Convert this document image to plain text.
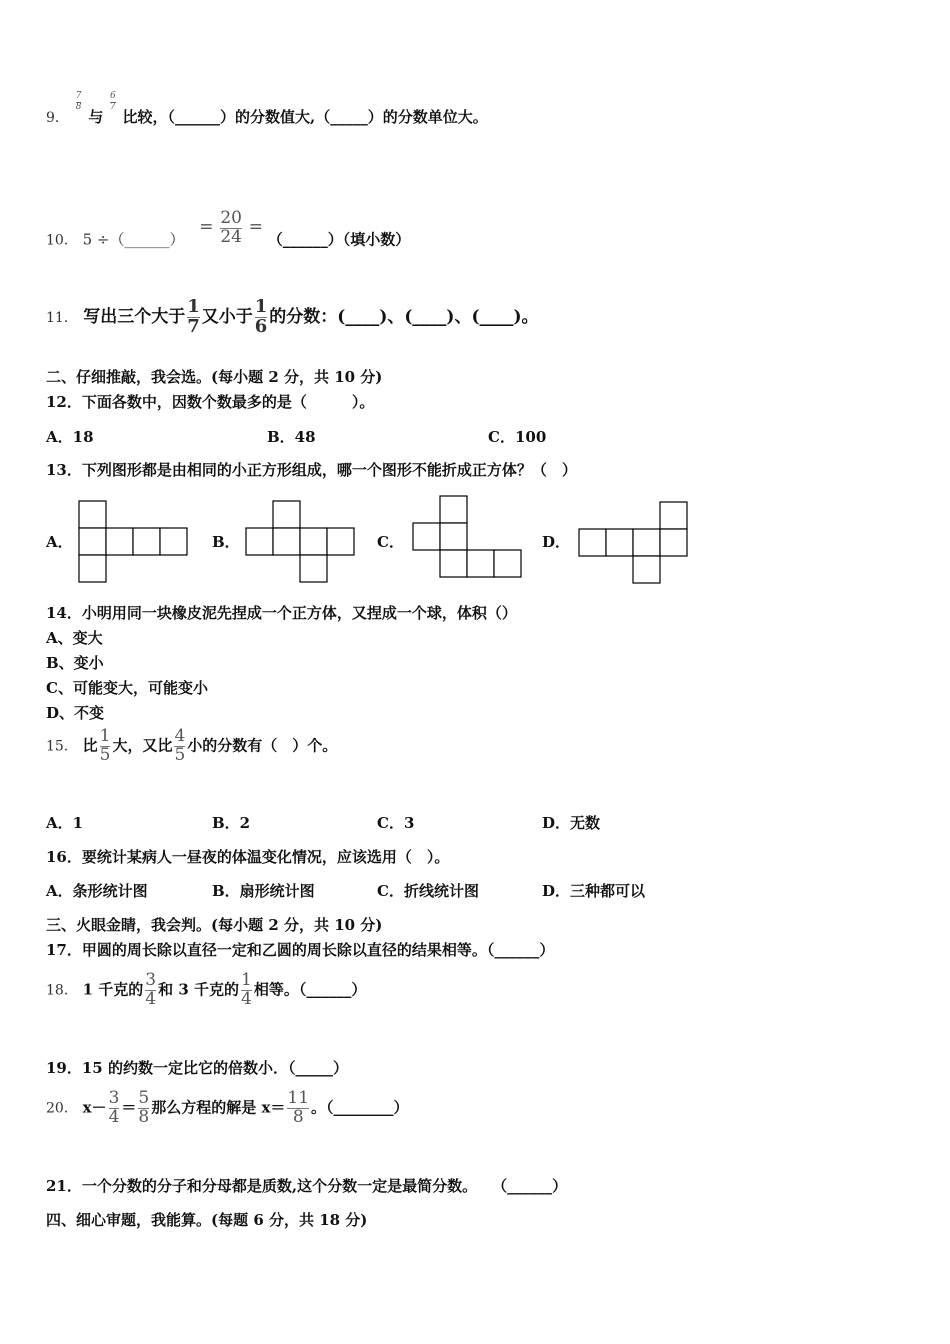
9．
$\frac{7}{8}$
与
$\frac{6}{7}$
比较，（______）的分数值大,（_____）的分数单位大。
10． 5 ÷（______） = $\frac{20}{24}$ = （______）（填小数）
11． 写出三个大于 $\frac{1}{7}$ 又小于 $\frac{1}{6}$ 的分数：(____)、(____)、(____)。
二、仔细推敲，我会选。(每小题 2 分，共 10 分)
12．下面各数中，因数个数最多的是（　　　）。
A．18	B．48	C．100
13．下列图形都是由相同的小正方形组成，哪一个图形不能折成正方体？（　）
A．	B．	C．	D．
14．小明用同一块橡皮泥先捏成一个正方体，又捏成一个球，体积（）
A、变大
B、变小
C、可能变大，可能变小
D、不变
15． 比 $\frac{1}{5}$ 大，又比 $\frac{4}{5}$ 小的分数有（　）个。
A．1	B．2	C．3	D．无数
16．要统计某病人一昼夜的体温变化情况，应该选用（　）。
A．条形统计图	B．扇形统计图	C．折线统计图	D．三种都可以
三、火眼金睛，我会判。(每小题 2 分，共 10 分)
17．甲圆的周长除以直径一定和乙圆的周长除以直径的结果相等。（______）
18． 1 千克的 $\frac{3}{4}$ 和 3 千克的 $\frac{1}{4}$ 相等。（______）
19．15 的约数一定比它的倍数小．（_____）
20． $x- \frac{3}{4} = \frac{5}{8}$ 那么方程的解是 $x= \frac{11}{8}$ 。（________）
21．一个分数的分子和分母都是质数,这个分数一定是最简分数。　　（______）
四、细心审题，我能算。(每题 6 分，共 18 分)
